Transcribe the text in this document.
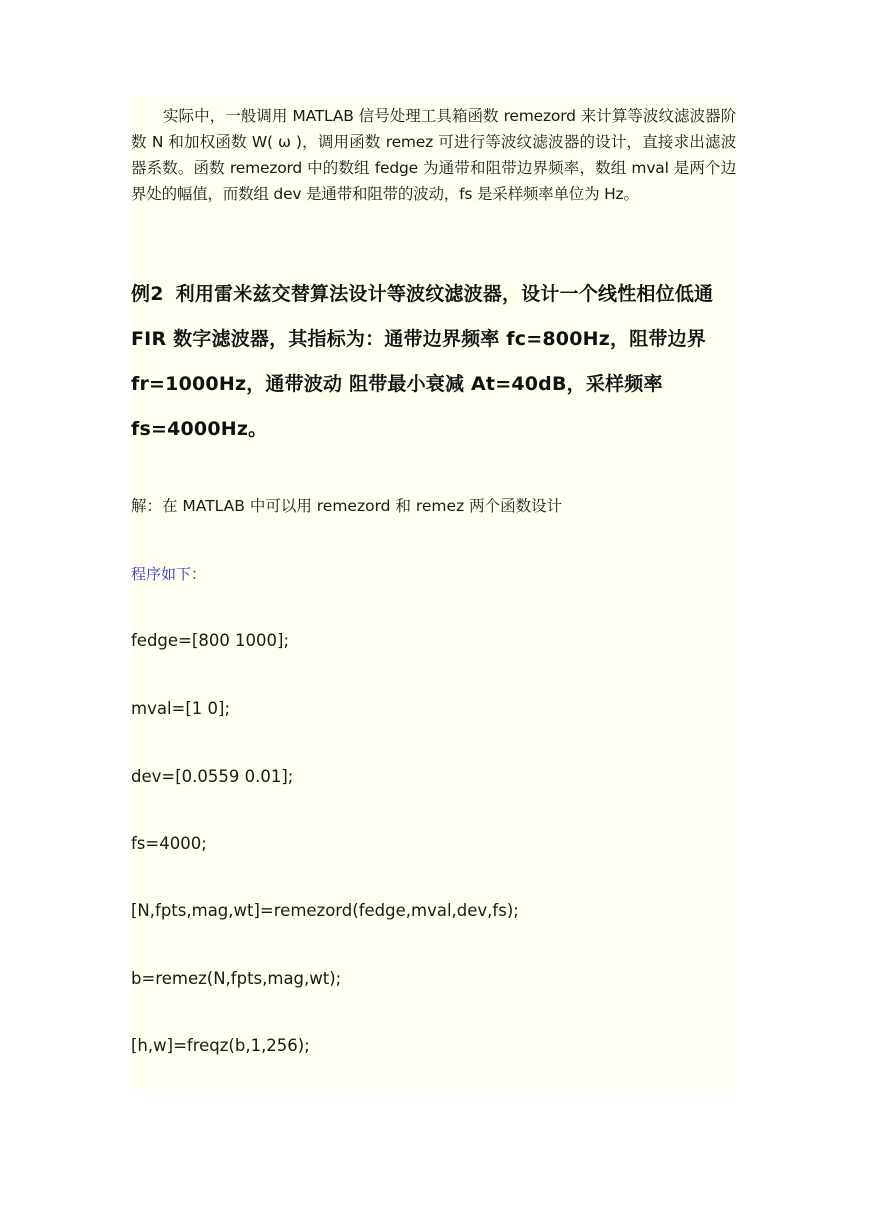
实际中，一般调用 MATLAB 信号处理工具箱函数 remezord 来计算等波纹滤波器阶数 N 和加权函数 W( ω )，调用函数 remez 可进行等波纹滤波器的设计，直接求出滤波器系数。函数 remezord 中的数组 fedge 为通带和阻带边界频率，数组 mval 是两个边界处的幅值，而数组 dev 是通带和阻带的波动，fs 是采样频率单位为 Hz。

例2 利用雷米兹交替算法设计等波纹滤波器，设计一个线性相位低通 FIR 数字滤波器，其指标为：通带边界频率 fc=800Hz，阻带边界 fr=1000Hz，通带波动 阻带最小衰减 At=40dB，采样频率 fs=4000Hz。

解：在 MATLAB 中可以用 remezord 和 remez 两个函数设计

程序如下：

fedge=[800 1000];

mval=[1 0];

dev=[0.0559 0.01];

fs=4000;

[N,fpts,mag,wt]=remezord(fedge,mval,dev,fs);

b=remez(N,fpts,mag,wt);

[h,w]=freqz(b,1,256);
